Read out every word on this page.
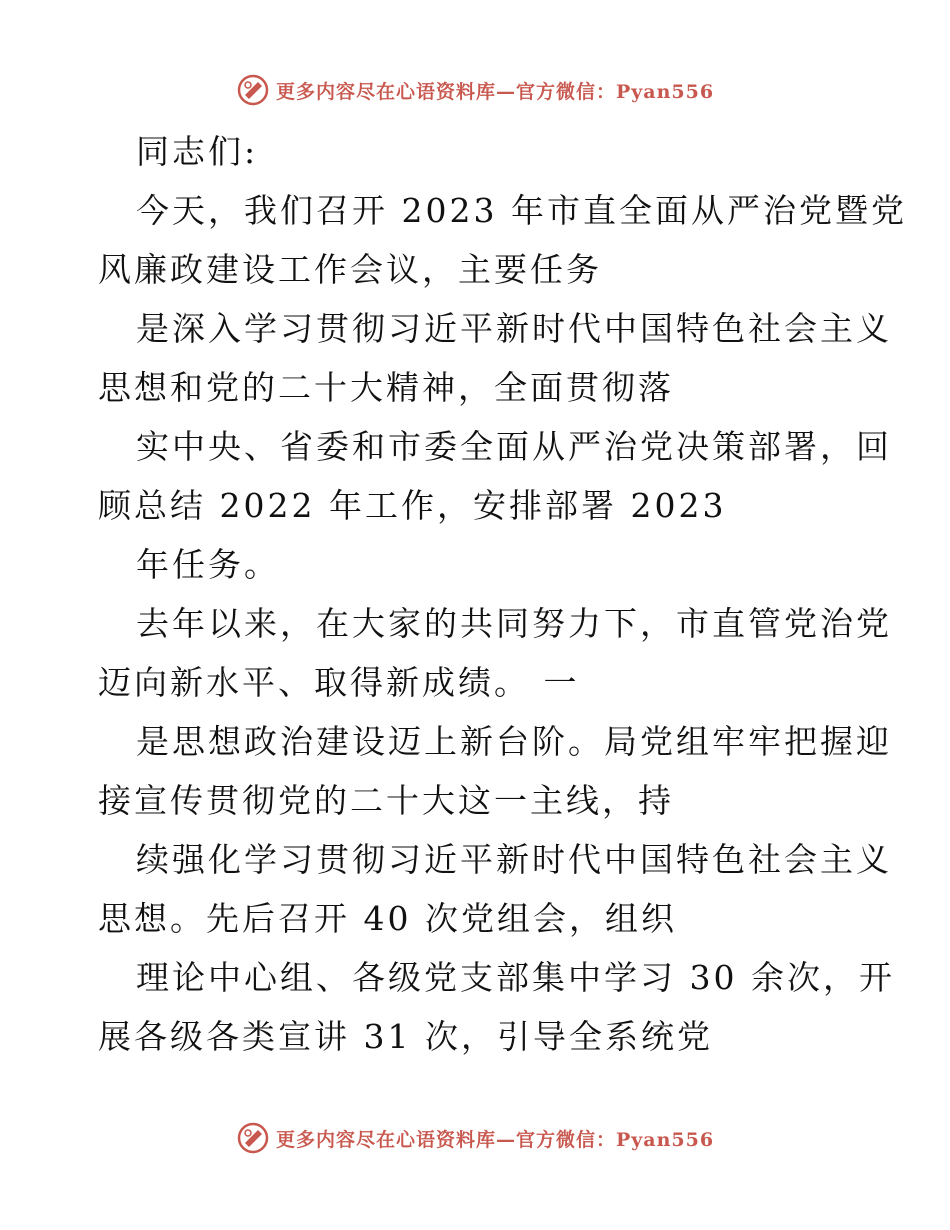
更多内容尽在心语资料库—官方微信：Pyan556
同志们:
今天，我们召开 2023 年市直全面从严治党暨党
风廉政建设工作会议，主要任务
是深入学习贯彻习近平新时代中国特色社会主义
思想和党的二十大精神，全面贯彻落
实中央、省委和市委全面从严治党决策部署，回
顾总结 2022 年工作，安排部署 2023
年任务。
去年以来，在大家的共同努力下，市直管党治党
迈向新水平、取得新成绩。 一
是思想政治建设迈上新台阶。局党组牢牢把握迎
接宣传贯彻党的二十大这一主线，持
续强化学习贯彻习近平新时代中国特色社会主义
思想。先后召开 40 次党组会，组织
理论中心组、各级党支部集中学习 30 余次，开
展各级各类宣讲 31 次，引导全系统党
更多内容尽在心语资料库—官方微信：Pyan556
